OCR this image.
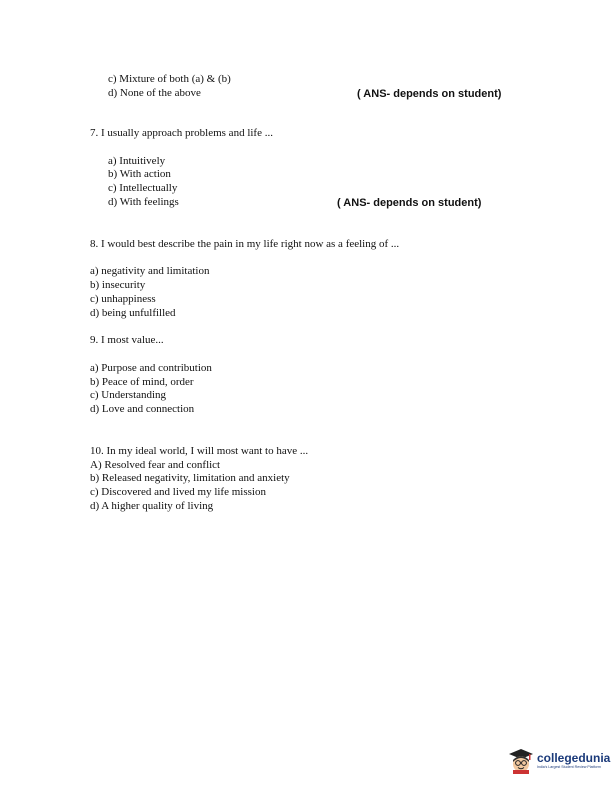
c) Mixture of both (a) & (b)
d) None of the above	( ANS- depends on student)
7. I usually approach problems and life ...
a) Intuitively
b) With action
c) Intellectually
d) With feelings	( ANS- depends on student)
8. I would best describe the pain in my life right now as a feeling of ...
a) negativity and limitation
b) insecurity
c) unhappiness
d) being unfulfilled
9. I most value...
a) Purpose and contribution
b) Peace of mind, order
c) Understanding
d) Love and connection
10. In my ideal world, I will most want to have ...
A) Resolved fear and conflict
b) Released negativity, limitation and anxiety
c) Discovered and lived my life mission
d) A higher quality of living
collegedunia
India's Largest Student Review Platform
